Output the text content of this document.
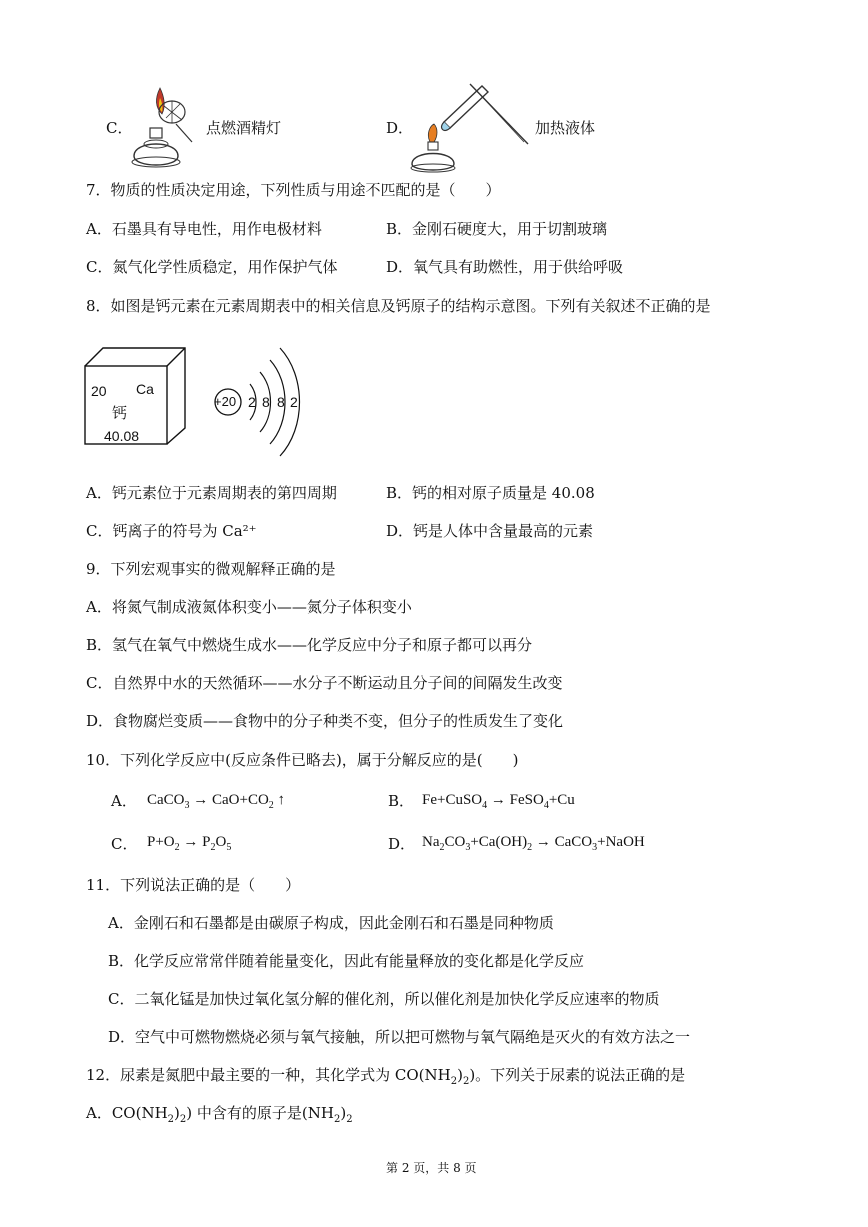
C．	点燃酒精灯	D．	加热液体
7．物质的性质决定用途，下列性质与用途不匹配的是（　　）
A．石墨具有导电性，用作电极材料	B．金刚石硬度大，用于切割玻璃
C．氮气化学性质稳定，用作保护气体	D．氧气具有助燃性，用于供给呼吸
8．如图是钙元素在元素周期表中的相关信息及钙原子的结构示意图。下列有关叙述不正确的是
20 Ca
钙
40.08
+20 2 8 8 2
A．钙元素位于元素周期表的第四周期	B．钙的相对原子质量是 40.08
C．钙离子的符号为 Ca²⁺	D．钙是人体中含量最高的元素
9．下列宏观事实的微观解释正确的是
A．将氮气制成液氮体积变小——氮分子体积变小
B．氢气在氧气中燃烧生成水——化学反应中分子和原子都可以再分
C．自然界中水的天然循环——水分子不断运动且分子间的间隔发生改变
D．食物腐烂变质——食物中的分子种类不变，但分子的性质发生了变化
10．下列化学反应中(反应条件已略去)，属于分解反应的是(　　)
A． CaCO$_3$ → $CaO+CO_2$ ↑	B． Fe+CuSO$_4$ → FeSO$_4$+Cu
C． $P+O_2 \to P_2O_5$	D． $Na_2CO_3+Ca(OH)_2$ → CaCO$_3$+NaOH
11．下列说法正确的是（　　）
A．金刚石和石墨都是由碳原子构成，因此金刚石和石墨是同种物质
B．化学反应常常伴随着能量变化，因此有能量释放的变化都是化学反应
C．二氧化锰是加快过氧化氢分解的催化剂，所以催化剂是加快化学反应速率的物质
D．空气中可燃物燃烧必须与氧气接触，所以把可燃物与氧气隔绝是灭火的有效方法之一
12．尿素是氮肥中最主要的一种，其化学式为 $CO(NH_2)_2$)。下列关于尿素的说法正确的是
A．$CO(NH_2)_2$) 中含有的原子是$(NH_2)_2$
第 2 页，共 8 页
